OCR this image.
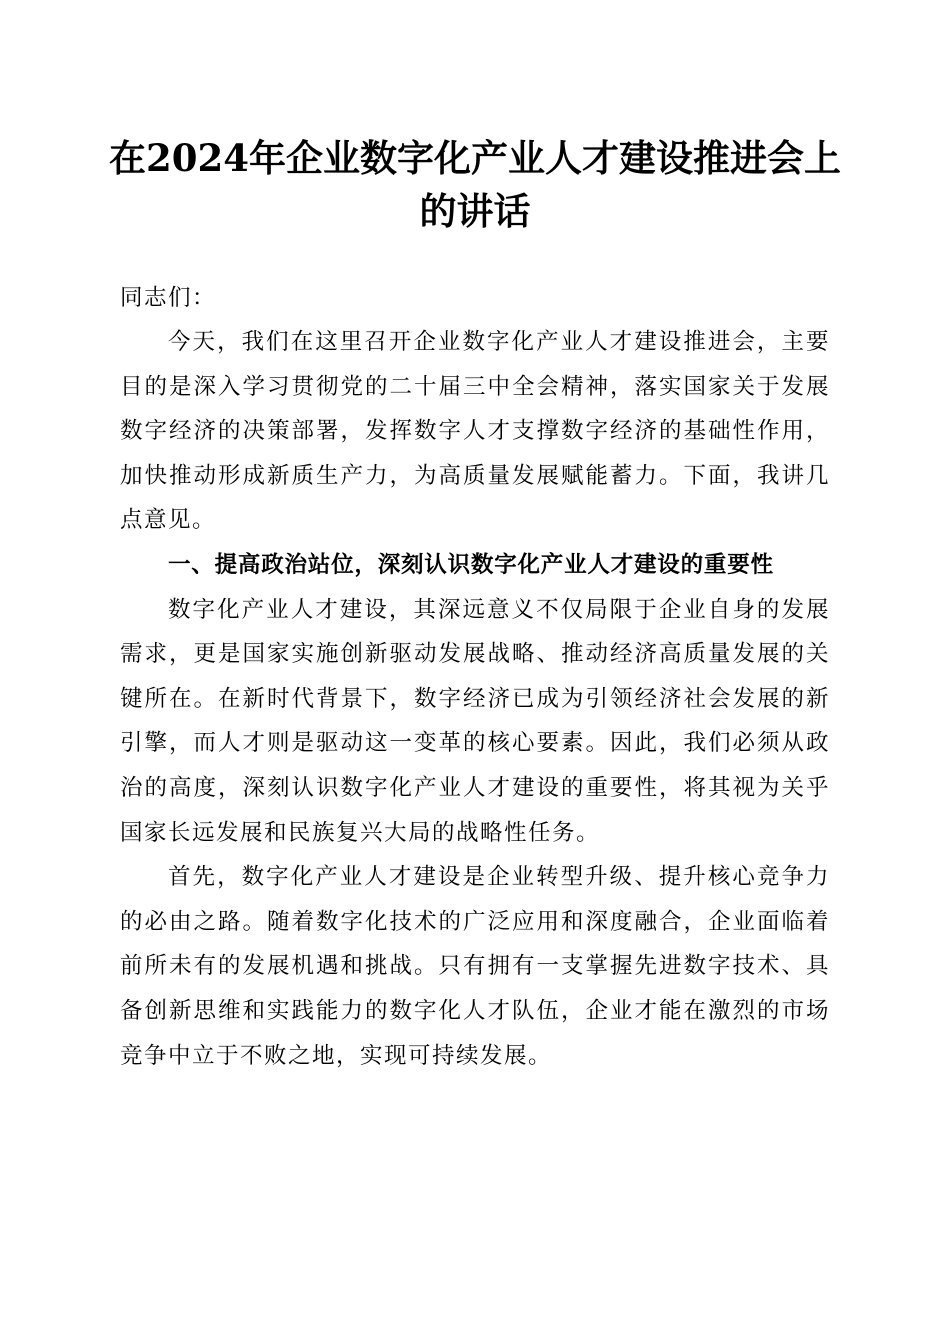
在2024年企业数字化产业人才建设推进会上的讲话
同志们：

今天，我们在这里召开企业数字化产业人才建设推进会，主要目的是深入学习贯彻党的二十届三中全会精神，落实国家关于发展数字经济的决策部署，发挥数字人才支撑数字经济的基础性作用，加快推动形成新质生产力，为高质量发展赋能蓄力。下面，我讲几点意见。

一、提高政治站位，深刻认识数字化产业人才建设的重要性

数字化产业人才建设，其深远意义不仅局限于企业自身的发展需求，更是国家实施创新驱动发展战略、推动经济高质量发展的关键所在。在新时代背景下，数字经济已成为引领经济社会发展的新引擎，而人才则是驱动这一变革的核心要素。因此，我们必须从政治的高度，深刻认识数字化产业人才建设的重要性，将其视为关乎国家长远发展和民族复兴大局的战略性任务。

首先，数字化产业人才建设是企业转型升级、提升核心竞争力的必由之路。随着数字化技术的广泛应用和深度融合，企业面临着前所未有的发展机遇和挑战。只有拥有一支掌握先进数字技术、具备创新思维和实践能力的数字化人才队伍，企业才能在激烈的市场竞争中立于不败之地，实现可持续发展。
